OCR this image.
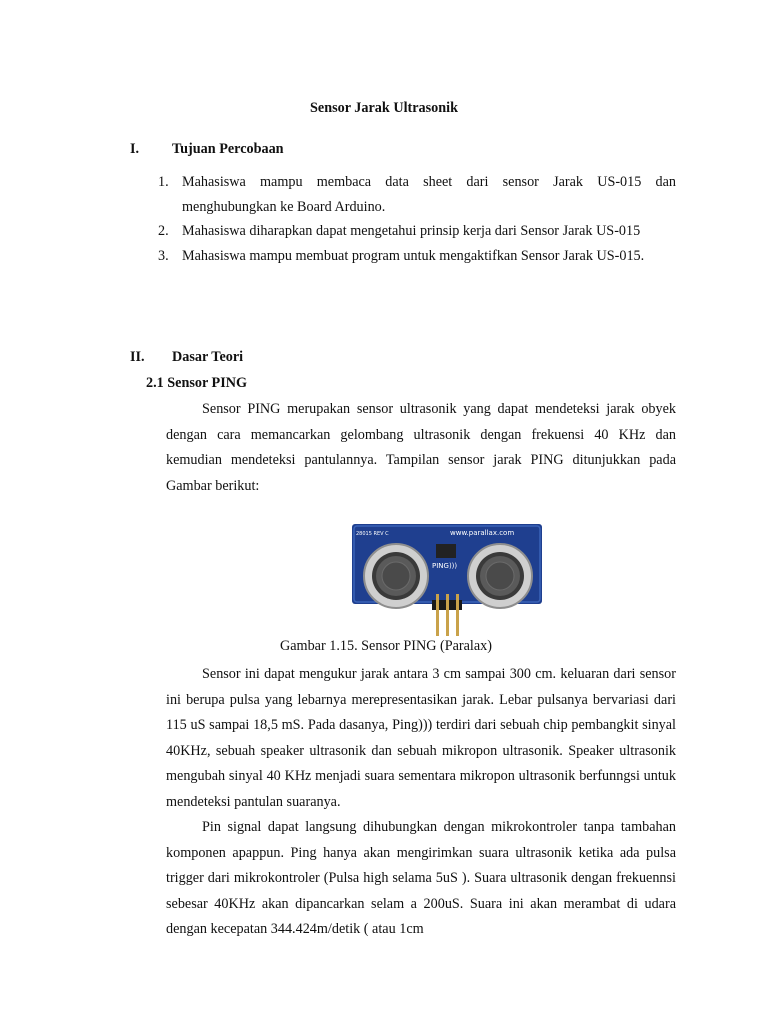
Sensor Jarak Ultrasonik
I. Tujuan Percobaan
1. Mahasiswa mampu membaca data sheet dari sensor Jarak US-015 dan menghubungkan ke Board Arduino.
2. Mahasiswa diharapkan dapat mengetahui prinsip kerja dari Sensor Jarak US-015
3. Mahasiswa mampu membuat program untuk mengaktifkan Sensor Jarak US-015.
II. Dasar Teori
2.1 Sensor PING
Sensor PING merupakan sensor ultrasonik yang dapat mendeteksi jarak obyek dengan cara memancarkan gelombang ultrasonik dengan frekuensi 40 KHz dan kemudian mendeteksi pantulannya. Tampilan sensor jarak PING ditunjukkan pada Gambar berikut:
www.parallax.com
28015 REV C
PING)))
Gambar 1.15. Sensor PING (Paralax)
Sensor ini dapat mengukur jarak antara 3 cm sampai 300 cm. keluaran dari sensor ini berupa pulsa yang lebarnya merepresentasikan jarak. Lebar pulsanya bervariasi dari 115 uS sampai 18,5 mS. Pada dasanya, Ping))) terdiri dari sebuah chip pembangkit sinyal 40KHz, sebuah speaker ultrasonik dan sebuah mikropon ultrasonik. Speaker ultrasonik mengubah sinyal 40 KHz menjadi suara sementara mikropon ultrasonik berfunngsi untuk mendeteksi pantulan suaranya.
Pin signal dapat langsung dihubungkan dengan mikrokontroler tanpa tambahan komponen apappun. Ping hanya akan mengirimkan suara ultrasonik ketika ada pulsa trigger dari mikrokontroler (Pulsa high selama 5uS ). Suara ultrasonik dengan frekuennsi sebesar 40KHz akan dipancarkan selam a 200uS. Suara ini akan merambat di udara dengan kecepatan 344.424m/detik ( atau 1cm
